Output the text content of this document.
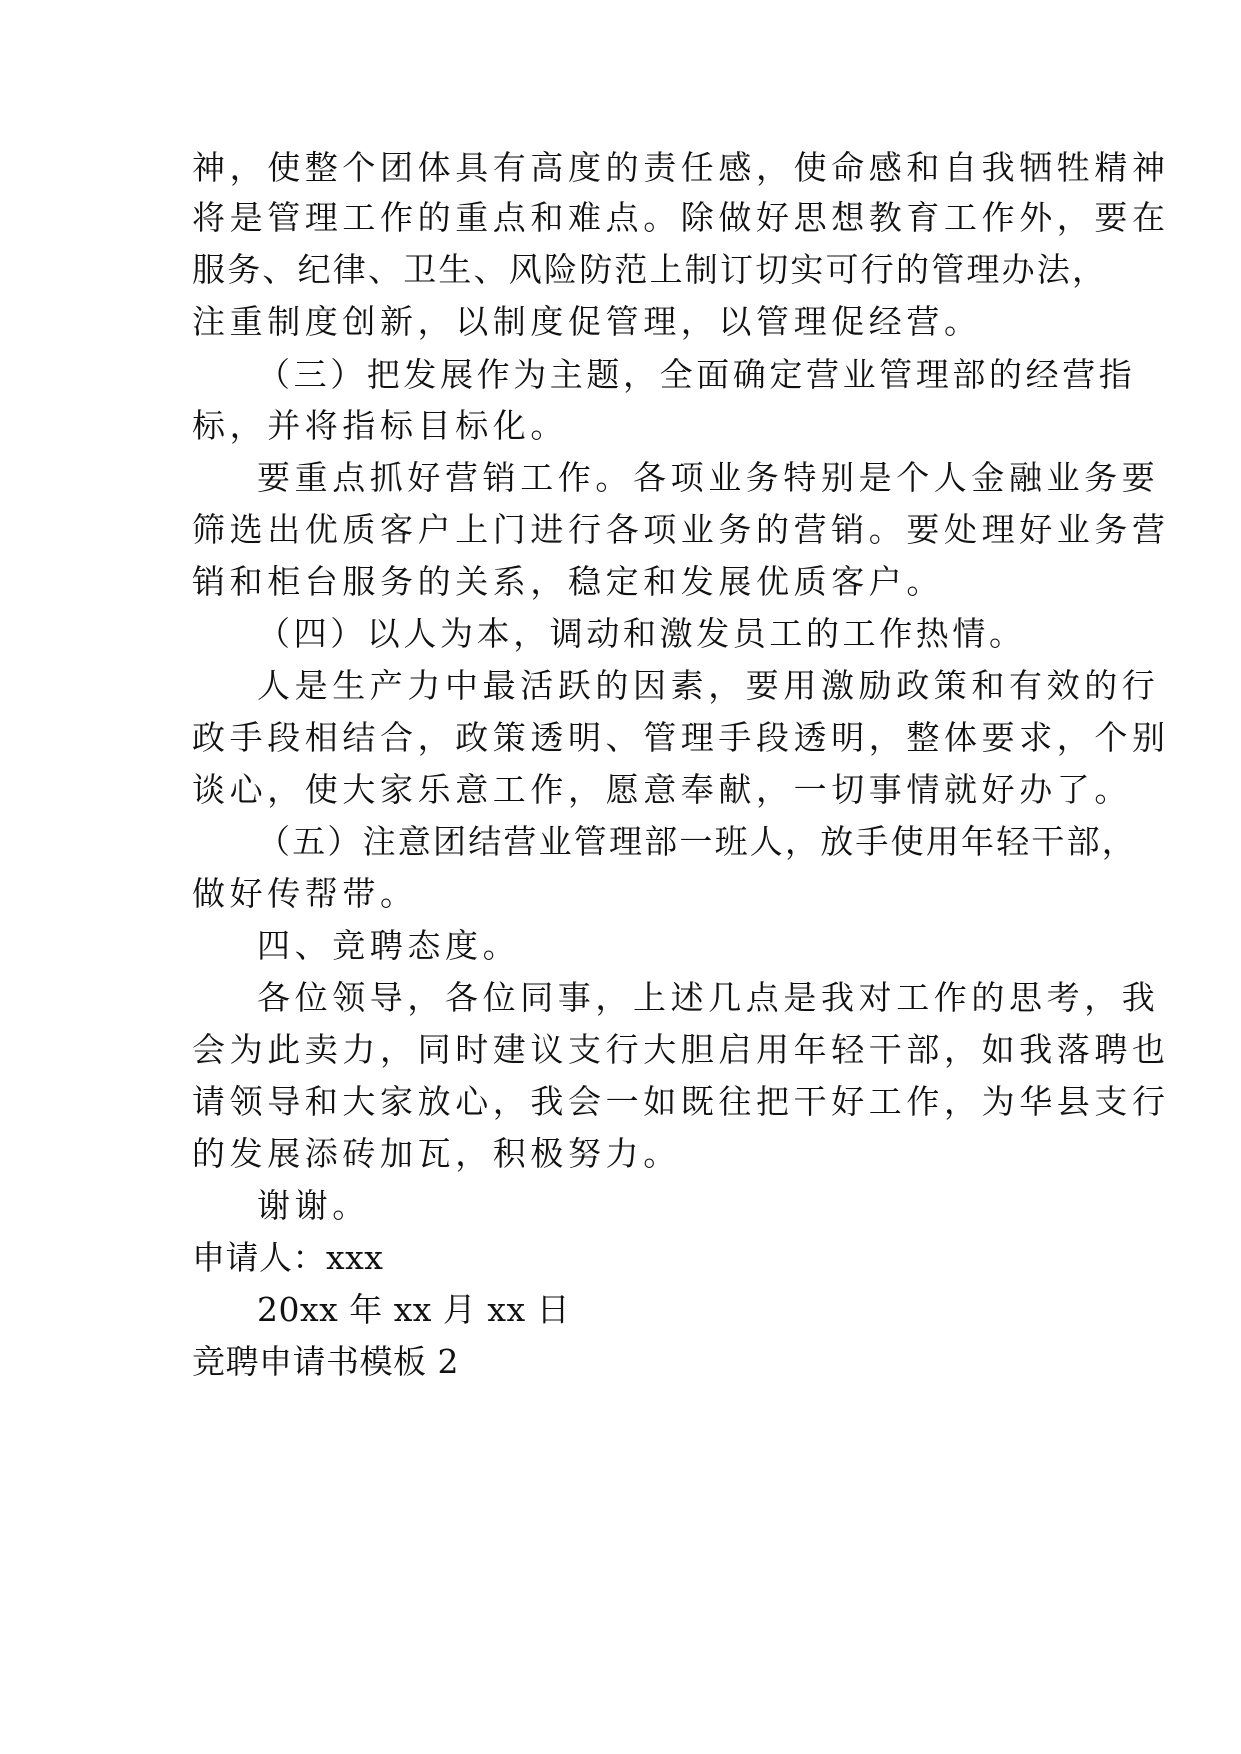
神，使整个团体具有高度的责任感，使命感和自我牺牲精神
将是管理工作的重点和难点。除做好思想教育工作外，要在
服务、纪律、卫生、风险防范上制订切实可行的管理办法，
注重制度创新，以制度促管理，以管理促经营。
（三）把发展作为主题，全面确定营业管理部的经营指
标，并将指标目标化。
要重点抓好营销工作。各项业务特别是个人金融业务要
筛选出优质客户上门进行各项业务的营销。要处理好业务营
销和柜台服务的关系，稳定和发展优质客户。
（四）以人为本，调动和激发员工的工作热情。
人是生产力中最活跃的因素，要用激励政策和有效的行
政手段相结合，政策透明、管理手段透明，整体要求，个别
谈心，使大家乐意工作，愿意奉献，一切事情就好办了。
（五）注意团结营业管理部一班人，放手使用年轻干部，
做好传帮带。
四、竞聘态度。
各位领导，各位同事，上述几点是我对工作的思考，我
会为此卖力，同时建议支行大胆启用年轻干部，如我落聘也
请领导和大家放心，我会一如既往把干好工作，为华县支行
的发展添砖加瓦，积极努力。
谢谢。
申请人：xxx
20xx 年 xx 月 xx 日
竞聘申请书模板 2
